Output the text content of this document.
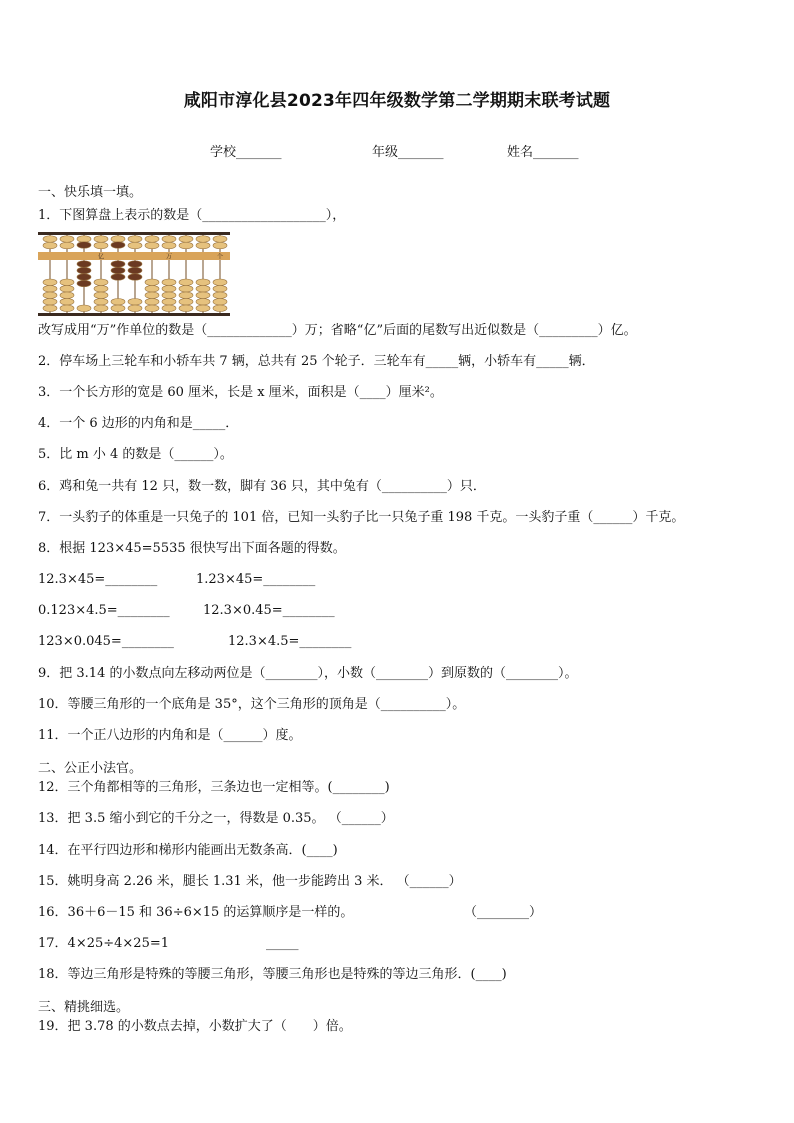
咸阳市淳化县2023年四年级数学第二学期期末联考试题
学校_______	年级_______	姓名_______
一、快乐填一填。
1．下图算盘上表示的数是（___________________），
亿	万	个
改写成用“万”作单位的数是（_____________）万；省略“亿”后面的尾数写出近似数是（_________）亿。
2．停车场上三轮车和小轿车共 7 辆，总共有 25 个轮子．三轮车有_____辆，小轿车有_____辆．
3．一个长方形的宽是 60 厘米，长是 x 厘米，面积是（____）厘米²。
4．一个 6 边形的内角和是_____．
5．比 m 小 4 的数是（______）。
6．鸡和兔一共有 12 只，数一数，脚有 36 只，其中兔有（__________）只．
7．一头豹子的体重是一只兔子的 101 倍，已知一头豹子比一只兔子重 198 千克。一头豹子重（______）千克。
8．根据 123×45=5535 很快写出下面各题的得数。
12.3×45=________	1.23×45=________
0.123×4.5=________	12.3×0.45=________
123×0.045=________	12.3×4.5=________
9．把 3.14 的小数点向左移动两位是（________），小数（________）到原数的（________）。
10．等腰三角形的一个底角是 35°，这个三角形的顶角是（__________）。
11．一个正八边形的内角和是（______）度。
二、公正小法官。
12．三个角都相等的三角形，三条边也一定相等。(________)
13．把 3.5 缩小到它的千分之一，得数是 0.35。 （______）
14．在平行四边形和梯形内能画出无数条高．(____)
15．姚明身高 2.26 米，腿长 1.31 米，他一步能跨出 3 米． （______）
16．36＋6－15 和 36÷6×15 的运算顺序是一样的。	（________）
17．4×25÷4×25=1	_____
18．等边三角形是特殊的等腰三角形，等腰三角形也是特殊的等边三角形．(____)
三、精挑细选。
19．把 3.78 的小数点去掉，小数扩大了（　　）倍。
